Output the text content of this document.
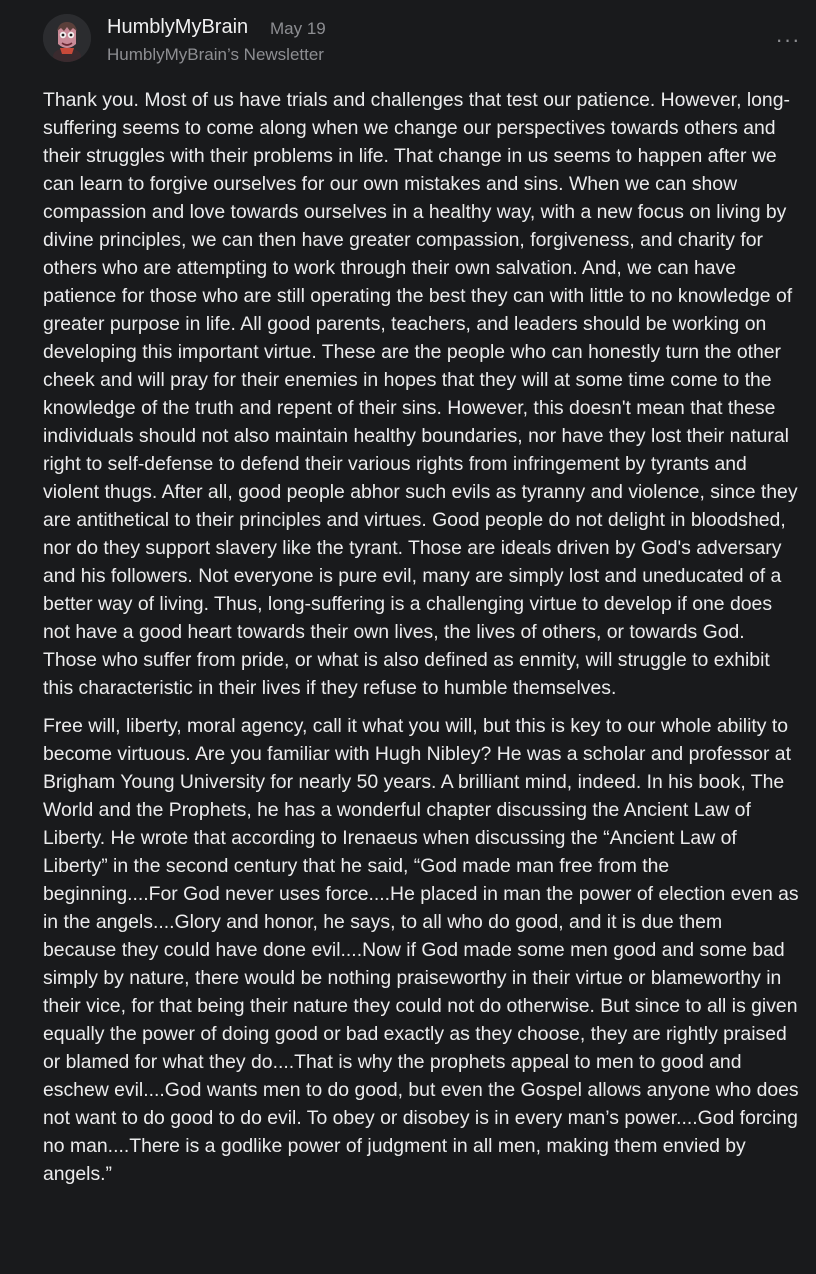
HumblyMyBrain May 19
HumblyMyBrain’s Newsletter
···

Thank you. Most of us have trials and challenges that test our patience. However, long-suffering seems to come along when we change our perspectives towards others and their struggles with their problems in life. That change in us seems to happen after we can learn to forgive ourselves for our own mistakes and sins. When we can show compassion and love towards ourselves in a healthy way, with a new focus on living by divine principles, we can then have greater compassion, forgiveness, and charity for others who are attempting to work through their own salvation. And, we can have patience for those who are still operating the best they can with little to no knowledge of greater purpose in life. All good parents, teachers, and leaders should be working on developing this important virtue. These are the people who can honestly turn the other cheek and will pray for their enemies in hopes that they will at some time come to the knowledge of the truth and repent of their sins. However, this doesn't mean that these individuals should not also maintain healthy boundaries, nor have they lost their natural right to self-defense to defend their various rights from infringement by tyrants and violent thugs. After all, good people abhor such evils as tyranny and violence, since they are antithetical to their principles and virtues. Good people do not delight in bloodshed, nor do they support slavery like the tyrant. Those are ideals driven by God's adversary and his followers. Not everyone is pure evil, many are simply lost and uneducated of a better way of living. Thus, long-suffering is a challenging virtue to develop if one does not have a good heart towards their own lives, the lives of others, or towards God. Those who suffer from pride, or what is also defined as enmity, will struggle to exhibit this characteristic in their lives if they refuse to humble themselves.

Free will, liberty, moral agency, call it what you will, but this is key to our whole ability to become virtuous. Are you familiar with Hugh Nibley? He was a scholar and professor at Brigham Young University for nearly 50 years. A brilliant mind, indeed. In his book, The World and the Prophets, he has a wonderful chapter discussing the Ancient Law of Liberty. He wrote that according to Irenaeus when discussing the “Ancient Law of Liberty” in the second century that he said, “God made man free from the beginning....For God never uses force....He placed in man the power of election even as in the angels....Glory and honor, he says, to all who do good, and it is due them because they could have done evil....Now if God made some men good and some bad simply by nature, there would be nothing praiseworthy in their virtue or blameworthy in their vice, for that being their nature they could not do otherwise. But since to all is given equally the power of doing good or bad exactly as they choose, they are rightly praised or blamed for what they do....That is why the prophets appeal to men to good and eschew evil....God wants men to do good, but even the Gospel allows anyone who does not want to do good to do evil. To obey or disobey is in every man’s power....God forcing no man....There is a godlike power of judgment in all men, making them envied by angels.”
